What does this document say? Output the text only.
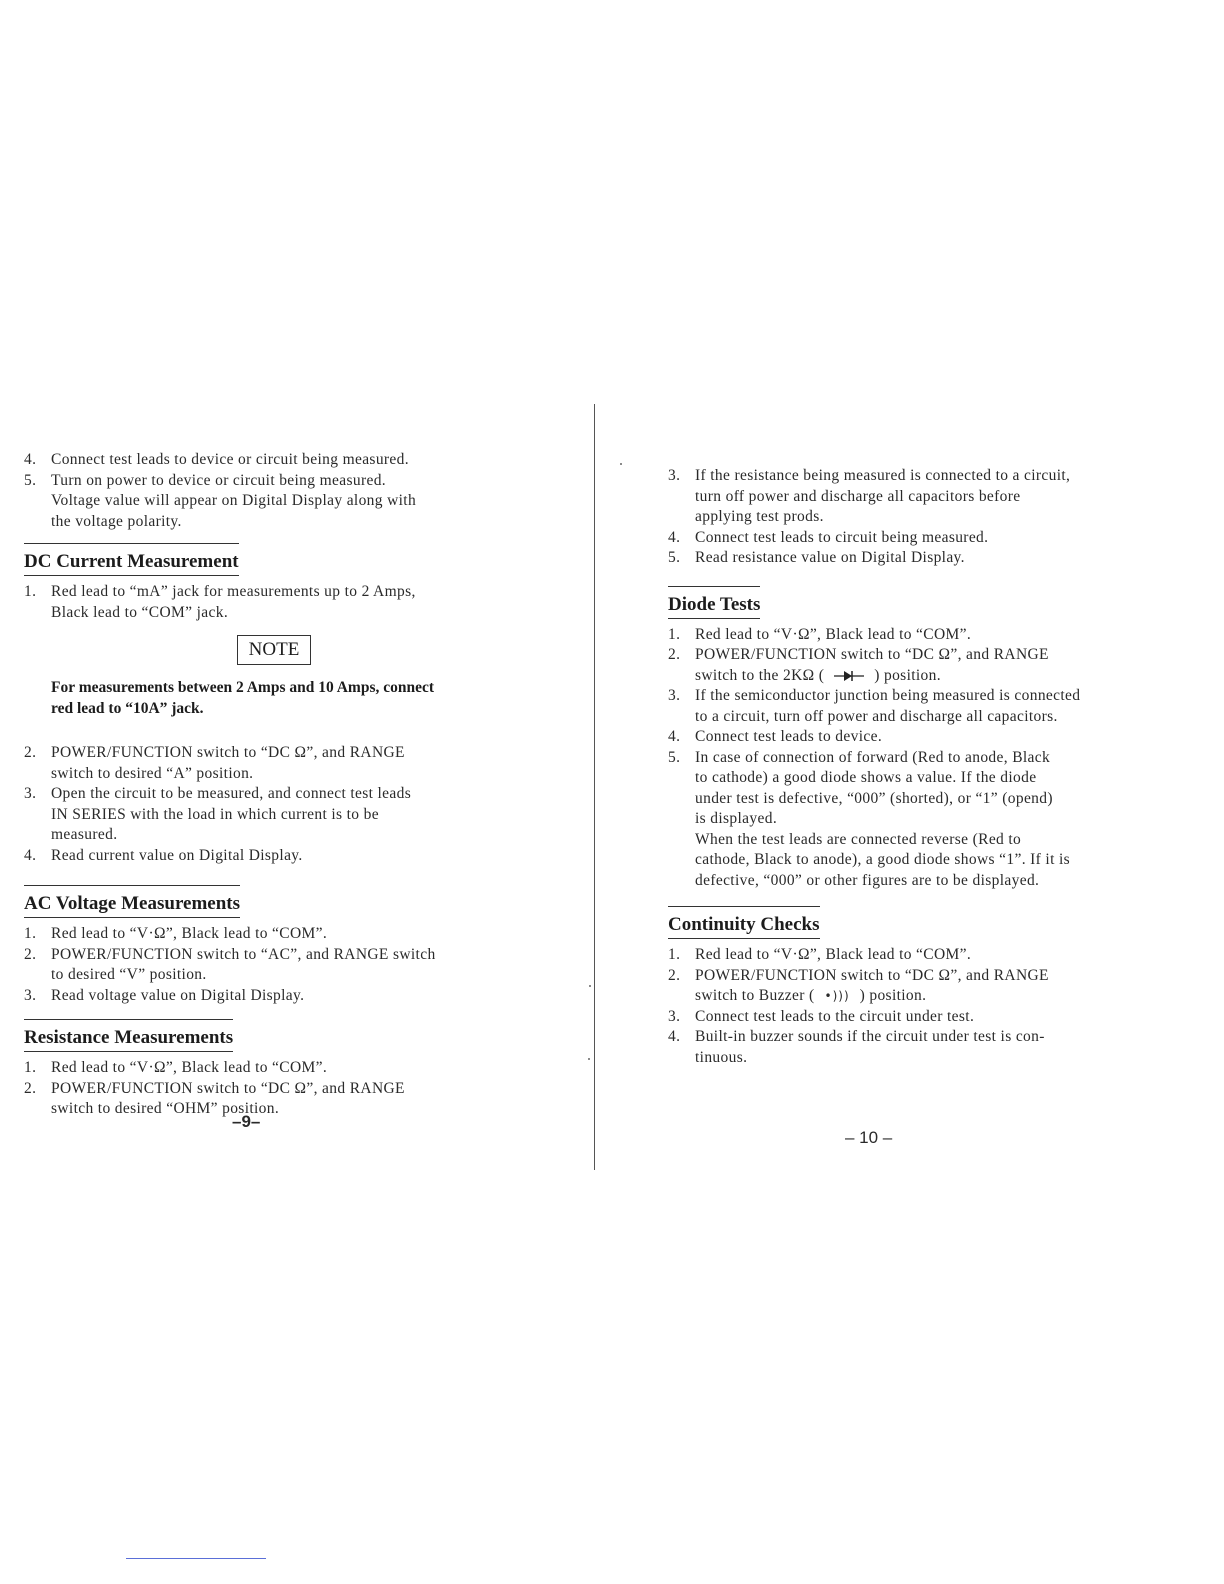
4. Connect test leads to device or circuit being measured.
5. Turn on power to device or circuit being measured.
Voltage value will appear on Digital Display along with
the voltage polarity.
DC Current Measurement
1. Red lead to “mA” jack for measurements up to 2 Amps,
Black lead to “COM” jack.
NOTE
For measurements between 2 Amps and 10 Amps, connect
red lead to “10A” jack.
2. POWER/FUNCTION switch to “DC Ω”, and RANGE
switch to desired “A” position.
3. Open the circuit to be measured, and connect test leads
IN SERIES with the load in which current is to be
measured.
4. Read current value on Digital Display.
AC Voltage Measurements
1. Red lead to “V·Ω”, Black lead to “COM”.
2. POWER/FUNCTION switch to “AC”, and RANGE switch
to desired “V” position.
3. Read voltage value on Digital Display.
Resistance Measurements
1. Red lead to “V·Ω”, Black lead to “COM”.
2. POWER/FUNCTION switch to “DC Ω”, and RANGE
switch to desired “OHM” position.
–9–
3. If the resistance being measured is connected to a circuit,
turn off power and discharge all capacitors before
applying test prods.
4. Connect test leads to circuit being measured.
5. Read resistance value on Digital Display.
Diode Tests
1. Red lead to “V·Ω”, Black lead to “COM”.
2. POWER/FUNCTION switch to “DC Ω”, and RANGE
switch to the 2KΩ (	) position.
3. If the semiconductor junction being measured is connected
to a circuit, turn off power and discharge all capacitors.
4. Connect test leads to device.
5. In case of connection of forward (Red to anode, Black
to cathode) a good diode shows a value. If the diode
under test is defective, “000” (shorted), or “1” (opend)
is displayed.
When the test leads are connected reverse (Red to
cathode, Black to anode), a good diode shows “1”. If it is
defective, “000” or other figures are to be displayed.
Continuity Checks
1. Red lead to “V·Ω”, Black lead to “COM”.
2. POWER/FUNCTION switch to “DC Ω”, and RANGE
switch to Buzzer ( •))) ) position.
3. Connect test leads to the circuit under test.
4. Built-in buzzer sounds if the circuit under test is con-
tinuous.
– 10 –
